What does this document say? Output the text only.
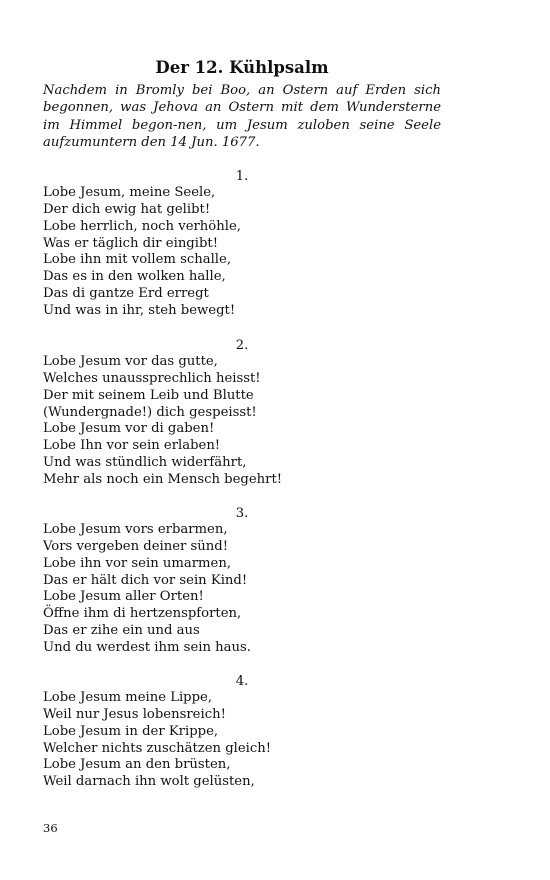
Der 12. Kühlpsalm

Nachdem in Bromly bei Boo, an Ostern auf Erden sich begonnen, was Jehova an Ostern mit dem Wundersterne im Himmel begon-nen, um Jesum zuloben seine Seele aufzumuntern den 14 Jun. 1677.

1.
Lobe Jesum, meine Seele,
Der dich ewig hat gelibt!
Lobe herrlich, noch verhöhle,
Was er täglich dir eingibt!
Lobe ihn mit vollem schalle,
Das es in den wolken halle,
Das di gantze Erd erregt
Und was in ihr, steh bewegt!
2.
Lobe Jesum vor das gutte,
Welches unaussprechlich heisst!
Der mit seinem Leib und Blutte
(Wundergnade!) dich gespeisst!
Lobe Jesum vor di gaben!
Lobe Ihn vor sein erlaben!
Und was stündlich widerfährt,
Mehr als noch ein Mensch begehrt!
3.
Lobe Jesum vors erbarmen,
Vors vergeben deiner sünd!
Lobe ihn vor sein umarmen,
Das er hält dich vor sein Kind!
Lobe Jesum aller Orten!
Öffne ihm di hertzenspforten,
Das er zihe ein und aus
Und du werdest ihm sein haus.
4.
Lobe Jesum meine Lippe,
Weil nur Jesus lobensreich!
Lobe Jesum in der Krippe,
Welcher nichts zuschätzen gleich!
Lobe Jesum an den brüsten,
Weil darnach ihn wolt gelüsten,
36
